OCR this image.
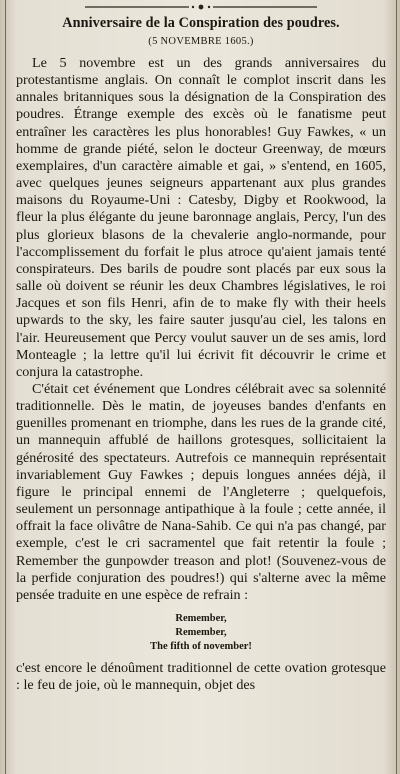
Anniversaire de la Conspiration des poudres.
(5 NOVEMBRE 1605.)

Le 5 novembre est un des grands anniversaires du protestantisme anglais. On connaît le complot inscrit dans les annales britanniques sous la désignation de la Conspiration des poudres. Étrange exemple des excès où le fanatisme peut entraîner les caractères les plus honorables! Guy Fawkes, « un homme de grande piété, selon le docteur Greenway, de mœurs exemplaires, d'un caractère aimable et gai, » s'entend, en 1605, avec quelques jeunes seigneurs appartenant aux plus grandes maisons du Royaume-Uni : Catesby, Digby et Rookwood, la fleur la plus élégante du jeune baronnage anglais, Percy, l'un des plus glorieux blasons de la chevalerie anglo-normande, pour l'accomplissement du forfait le plus atroce qu'aient jamais tenté conspirateurs. Des barils de poudre sont placés par eux sous la salle où doivent se réunir les deux Chambres législatives, le roi Jacques et son fils Henri, afin de to make fly with their heels upwards to the sky, les faire sauter jusqu'au ciel, les talons en l'air. Heureusement que Percy voulut sauver un de ses amis, lord Monteagle ; la lettre qu'il lui écrivit fit découvrir le crime et conjura la catastrophe.

C'était cet événement que Londres célébrait avec sa solennité traditionnelle. Dès le matin, de joyeuses bandes d'enfants en guenilles promenant en triomphe, dans les rues de la grande cité, un mannequin affublé de haillons grotesques, sollicitaient la générosité des spectateurs. Autrefois ce mannequin représentait invariablement Guy Fawkes ; depuis longues années déjà, il figure le principal ennemi de l'Angleterre ; quelquefois, seulement un personnage antipathique à la foule ; cette année, il offrait la face olivâtre de Nana-Sahib. Ce qui n'a pas changé, par exemple, c'est le cri sacramentel que fait retentir la foule ; Remember the gunpowder treason and plot! (Souvenez-vous de la perfide conjuration des poudres!) qui s'alterne avec la même pensée traduite en une espèce de refrain :

Remember,
Remember,
The fifth of november!

c'est encore le dénoûment traditionnel de cette ovation grotesque : le feu de joie, où le mannequin, objet des
